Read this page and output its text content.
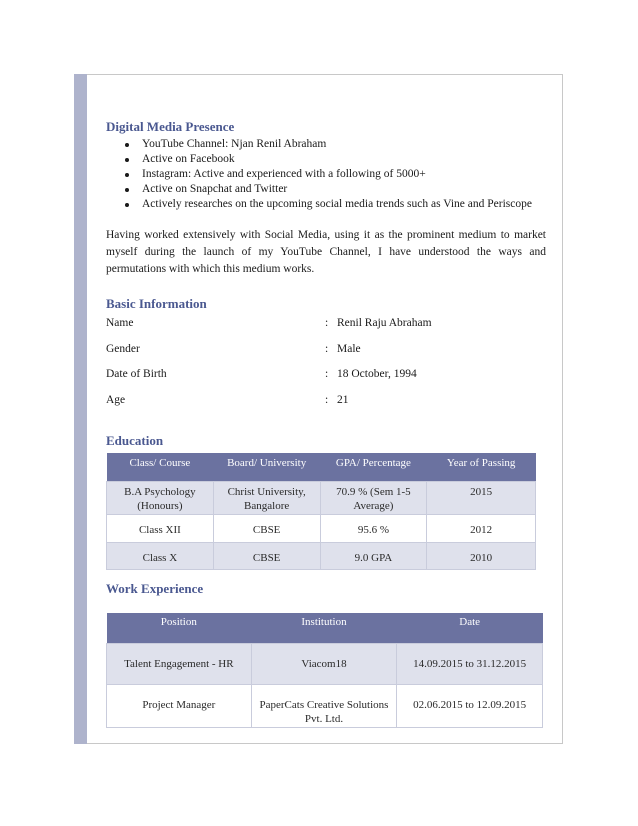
Digital Media Presence
YouTube Channel: Njan Renil Abraham
Active on Facebook
Instagram: Active and experienced with a following of 5000+
Active on Snapchat and Twitter
Actively researches on the upcoming social media trends such as Vine and Periscope

Having worked extensively with Social Media, using it as the prominent medium to market myself during the launch of my YouTube Channel, I have understood the ways and permutations with which this medium works.

Basic Information
Name	: Renil Raju Abraham
Gender	: Male
Date of Birth	: 18 October, 1994
Age	: 21
Education
Class/ Course	Board/ University	GPA/ Percentage	Year of Passing
B.A Psychology (Honours)	Christ University, Bangalore	70.9 % (Sem 1-5 Average)	2015
Class XII	CBSE	95.6 %	2012
Class X	CBSE	9.0 GPA	2010
Work Experience
Position	Institution	Date
Talent Engagement - HR	Viacom18	14.09.2015 to 31.12.2015
Project Manager	PaperCats Creative Solutions Pvt. Ltd.	02.06.2015 to 12.09.2015
